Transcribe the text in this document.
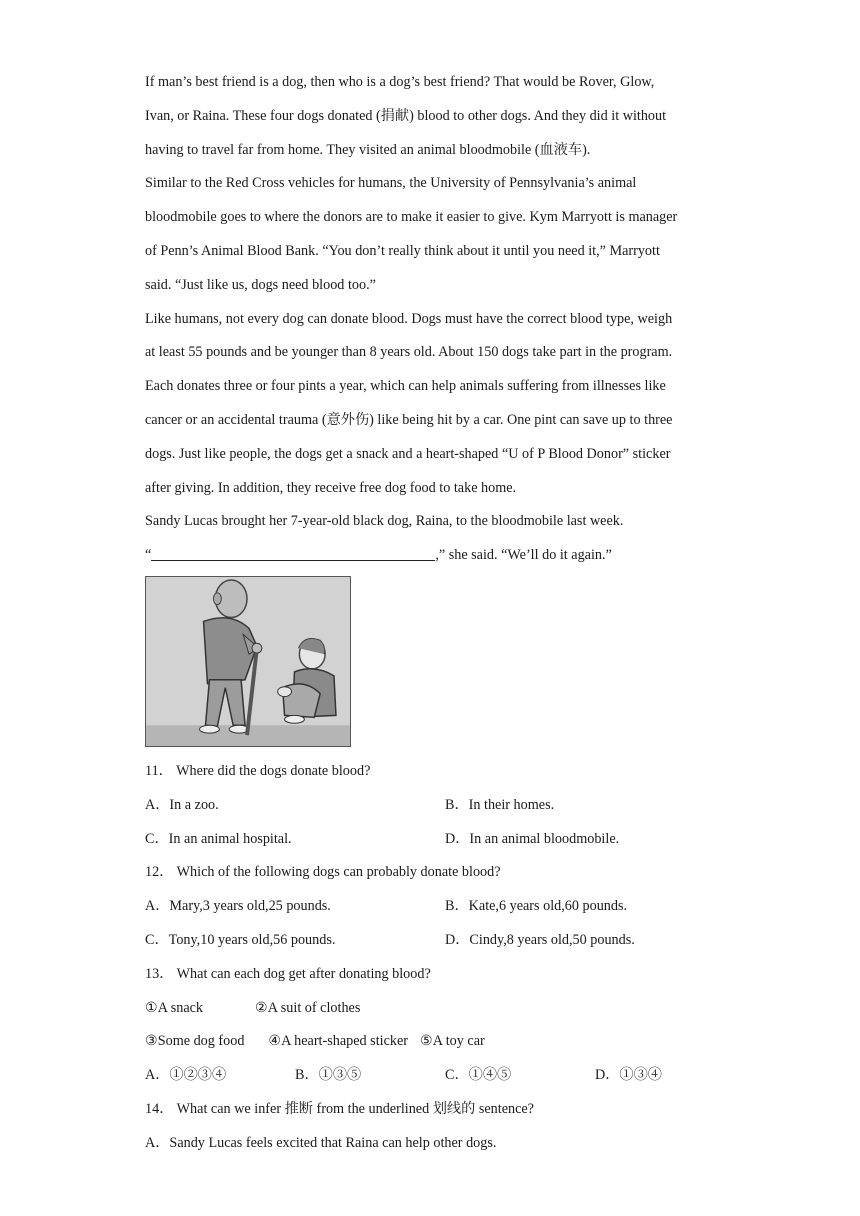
If man’s best friend is a dog, then who is a dog’s best friend? That would be Rover, Glow,
Ivan, or Raina. These four dogs donated (捐献) blood to other dogs. And they did it without
having to travel far from home. They visited an animal bloodmobile (血液车).
Similar to the Red Cross vehicles for humans, the University of Pennsylvania’s animal
bloodmobile goes to where the donors are to make it easier to give. Kym Marryott is manager
of Penn’s Animal Blood Bank. “You don’t really think about it until you need it,” Marryott
said. “Just like us, dogs need blood too.”
Like humans, not every dog can donate blood. Dogs must have the correct blood type, weigh
at least 55 pounds and be younger than 8 years old. About 150 dogs take part in the program.
Each donates three or four pints a year, which can help animals suffering from illnesses like
cancer or an accidental trauma (意外伤) like being hit by a car. One pint can save up to three
dogs. Just like people, the dogs get a snack and a heart-shaped “U of P Blood Donor” sticker
after giving. In addition, they receive free dog food to take home.
Sandy Lucas brought her 7-year-old black dog, Raina, to the bloodmobile last week.
“	,” she said. “We’ll do it again.”
11． Where did the dogs donate blood?
A．In a zoo.	B．In their homes.
C．In an animal hospital.	D．In an animal bloodmobile.
12． Which of the following dogs can probably donate blood?
A．Mary,3 years old,25 pounds.	B．Kate,6 years old,60 pounds.
C．Tony,10 years old,56 pounds.	D．Cindy,8 years old,50 pounds.
13． What can each dog get after donating blood?
①A snack	②A suit of clothes
③Some dog food ④A heart-shaped sticker ⑤A toy car
A．①②③④	B．①③⑤	C．①④⑤	D．①③④
14． What can we infer 推断 from the underlined 划线的 sentence?
A．Sandy Lucas feels excited that Raina can help other dogs.
